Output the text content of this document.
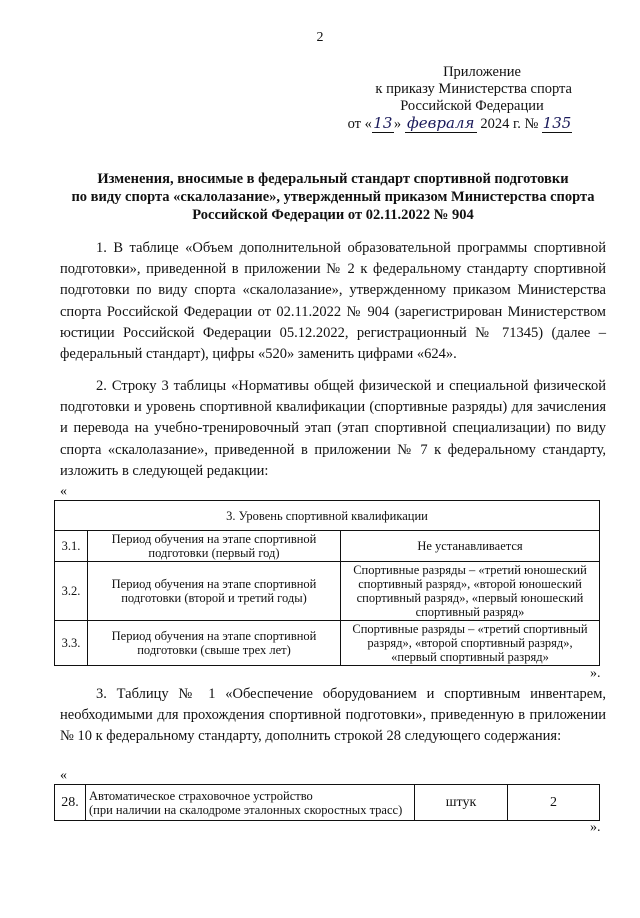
2
Приложение
к приказу Министерства спорта
Российской Федерации
от «13» февраля 2024 г. № 135
Изменения, вносимые в федеральный стандарт спортивной подготовки
по виду спорта «скалолазание», утвержденный приказом Министерства спорта
Российской Федерации от 02.11.2022 № 904
1. В таблице «Объем дополнительной образовательной программы спортивной подготовки», приведенной в приложении № 2 к федеральному стандарту спортивной подготовки по виду спорта «скалолазание», утвержденному приказом Министерства спорта Российской Федерации от 02.11.2022 № 904 (зарегистрирован Министерством юстиции Российской Федерации 05.12.2022, регистрационный № 71345) (далее – федеральный стандарт), цифры «520» заменить цифрами «624».
2. Строку 3 таблицы «Нормативы общей физической и специальной физической подготовки и уровень спортивной квалификации (спортивные разряды) для зачисления и перевода на учебно-тренировочный этап (этап спортивной специализации) по виду спорта «скалолазание», приведенной в приложении № 7 к федеральному стандарту, изложить в следующей редакции:
«
3. Уровень спортивной квалификации		
3.1.	Период обучения на этапе спортивной подготовки (первый год)	Не устанавливается
3.2.	Период обучения на этапе спортивной подготовки (второй и третий годы)	Спортивные разряды – «третий юношеский спортивный разряд», «второй юношеский спортивный разряд», «первый юношеский спортивный разряд»
3.3.	Период обучения на этапе спортивной подготовки (свыше трех лет)	Спортивные разряды – «третий спортивный разряд», «второй спортивный разряд», «первый спортивный разряд»
».
3. Таблицу № 1 «Обеспечение оборудованием и спортивным инвентарем, необходимыми для прохождения спортивной подготовки», приведенную в приложении № 10 к федеральному стандарту, дополнить строкой 28 следующего содержания:
«
28.	Автоматическое страховочное устройство
(при наличии на скалодроме эталонных скоростных трасс)	штук	2
».
